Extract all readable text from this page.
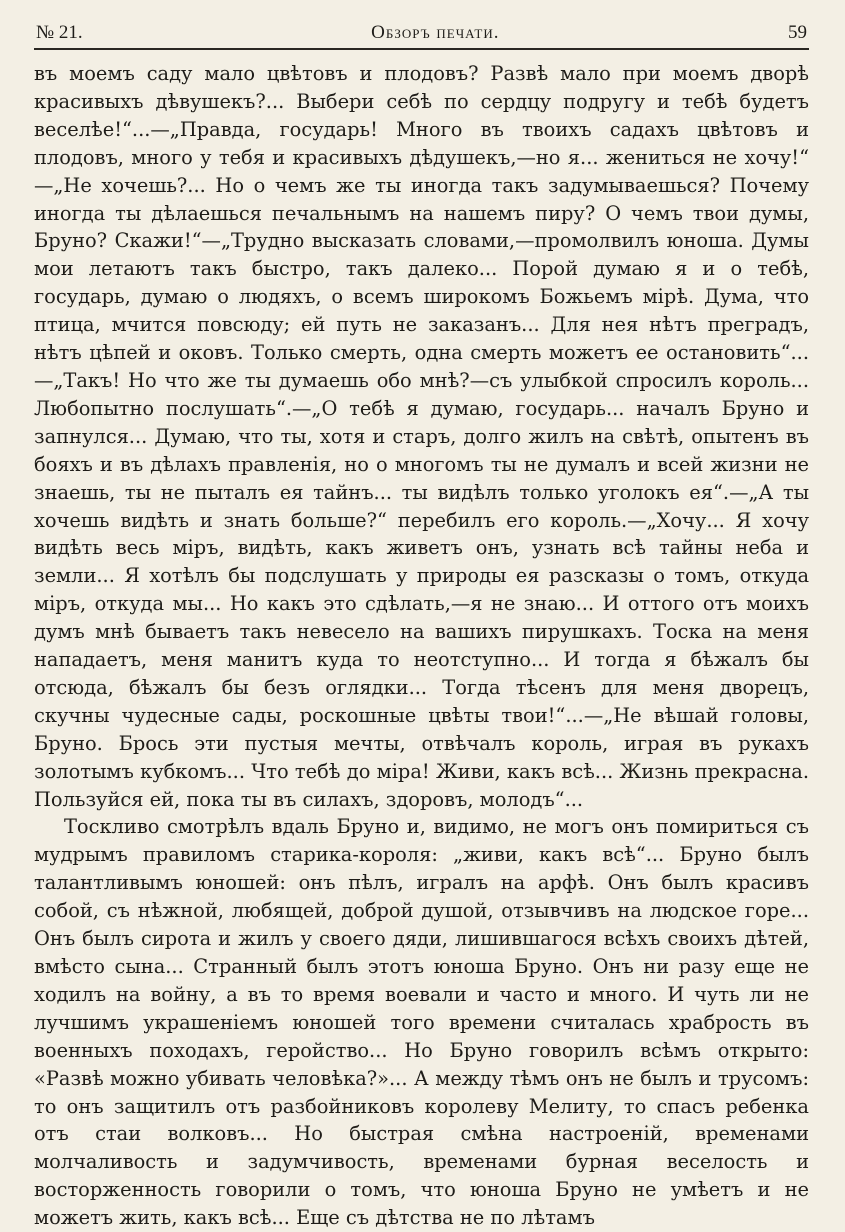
№ 21.	Обзоръ печати.	59

въ моемъ саду мало цвѣтовъ и плодовъ? Развѣ мало при моемъ дворѣ красивыхъ дѣвушекъ?... Выбери себѣ по сердцу подругу и тебѣ будетъ веселѣе!“...—„Правда, государь! Много въ твоихъ садахъ цвѣтовъ и плодовъ, много у тебя и красивыхъ дѣдушекъ,—но я... жениться не хочу!“ —„Не хочешь?... Но о чемъ же ты иногда такъ задумываешься? Почему иногда ты дѣлаешься печальнымъ на нашемъ пиру? О чемъ твои думы, Бруно? Скажи!“—„Трудно высказать словами,—промолвилъ юноша. Думы мои летаютъ такъ быстро, такъ далеко... Порой думаю я и о тебѣ, государь, думаю о людяхъ, о всемъ широкомъ Божьемъ мірѣ. Дума, что птица, мчится повсюду; ей путь не заказанъ... Для нея нѣтъ преградъ, нѣтъ цѣпей и оковъ. Только смерть, одна смерть можетъ ее остановить“...—„Такъ! Но что же ты думаешь обо мнѣ?—съ улыбкой спросилъ король... Любопытно послушать“.—„О тебѣ я думаю, государь... началъ Бруно и запнулся... Думаю, что ты, хотя и старъ, долго жилъ на свѣтѣ, опытенъ въ бояхъ и въ дѣлахъ правленія, но о многомъ ты не думалъ и всей жизни не знаешь, ты не пыталъ ея тайнъ... ты видѣлъ только уголокъ ея“.—„А ты хочешь видѣть и знать больше?“ перебилъ его король.—„Хочу... Я хочу видѣть весь міръ, видѣть, какъ живетъ онъ, узнать всѣ тайны неба и земли... Я хотѣлъ бы подслушать у природы ея разсказы о томъ, откуда міръ, откуда мы... Но какъ это сдѣлать,—я не знаю... И оттого отъ моихъ думъ мнѣ бываетъ такъ невесело на вашихъ пирушкахъ. Тоска на меня нападаетъ, меня манитъ куда то неотступно... И тогда я бѣжалъ бы отсюда, бѣжалъ бы безъ оглядки... Тогда тѣсенъ для меня дворецъ, скучны чудесные сады, роскошные цвѣты твои!“...—„Не вѣшай головы, Бруно. Брось эти пустыя мечты, отвѣчалъ король, играя въ рукахъ золотымъ кубкомъ... Что тебѣ до міра! Живи, какъ всѣ... Жизнь прекрасна. Пользуйся ей, пока ты въ силахъ, здоровъ, молодъ“...

Тоскливо смотрѣлъ вдаль Бруно и, видимо, не могъ онъ помириться съ мудрымъ правиломъ старика-короля: „живи, какъ всѣ“... Бруно былъ талантливымъ юношей: онъ пѣлъ, игралъ на арфѣ. Онъ былъ красивъ собой, съ нѣжной, любящей, доброй душой, отзывчивъ на людское горе... Онъ былъ сирота и жилъ у своего дяди, лишившагося всѣхъ своихъ дѣтей, вмѣсто сына... Странный былъ этотъ юноша Бруно. Онъ ни разу еще не ходилъ на войну, а въ то время воевали и часто и много. И чуть ли не лучшимъ украшеніемъ юношей того времени считалась храбрость въ военныхъ походахъ, геройство... Но Бруно говорилъ всѣмъ открыто: «Развѣ можно убивать человѣка?»... А между тѣмъ онъ не былъ и трусомъ: то онъ защитилъ отъ разбойниковъ королеву Мелиту, то спасъ ребенка отъ стаи волковъ... Но быстрая смѣна настроеній, временами молчаливость и задумчивость, временами бурная веселость и восторженность говорили о томъ, что юноша Бруно не умѣетъ и не можетъ жить, какъ всѣ... Еще съ дѣтства не по лѣтамъ
